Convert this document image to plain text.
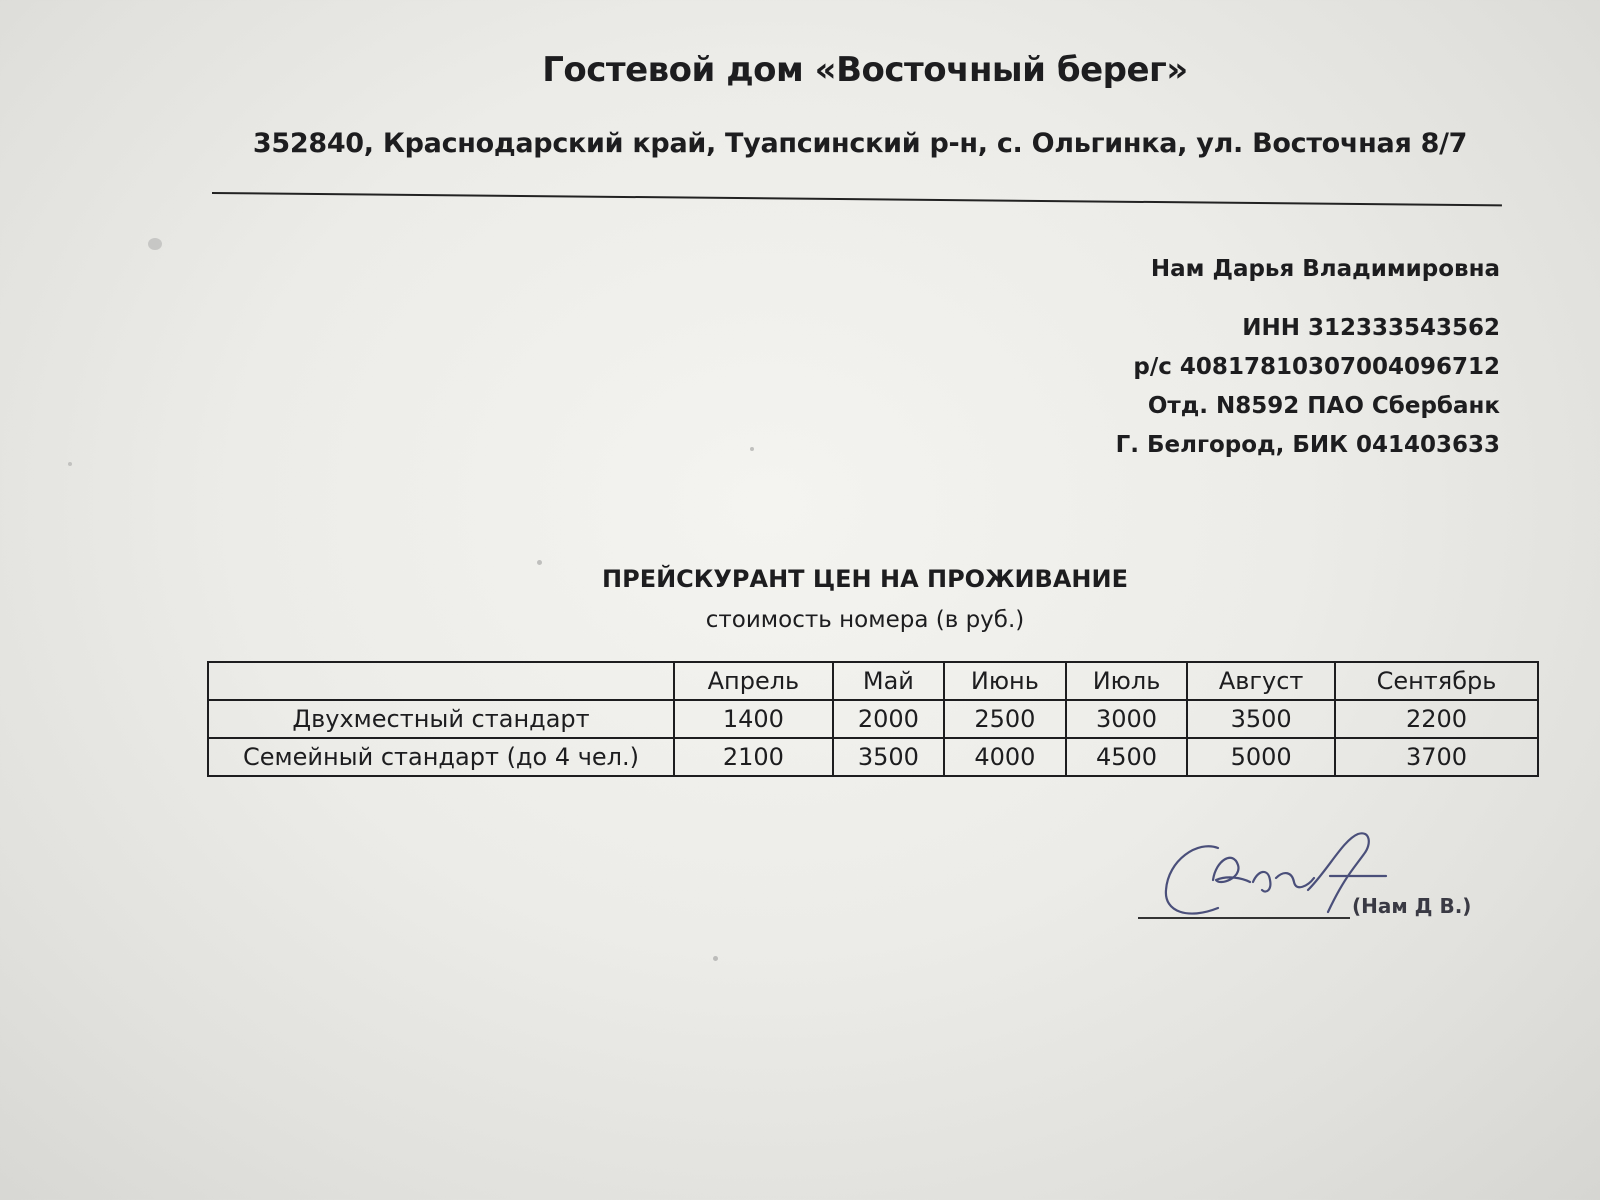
Гостевой дом «Восточный берег»
352840, Краснодарский край, Туапсинский р-н, с. Ольгинка, ул. Восточная 8/7
Нам Дарья Владимировна
ИНН 312333543562
р/с 40817810307004096712
Отд. N8592 ПАО Сбербанк
Г. Белгород, БИК 041403633
ПРЕЙСКУРАНТ ЦЕН НА ПРОЖИВАНИЕ
стоимость номера (в руб.)
	Апрель	Май	Июнь	Июль	Август	Сентябрь
Двухместный стандарт	1400	2000	2500	3000	3500	2200
Семейный стандарт (до 4 чел.)	2100	3500	4000	4500	5000	3700
(Нам Д В.)
